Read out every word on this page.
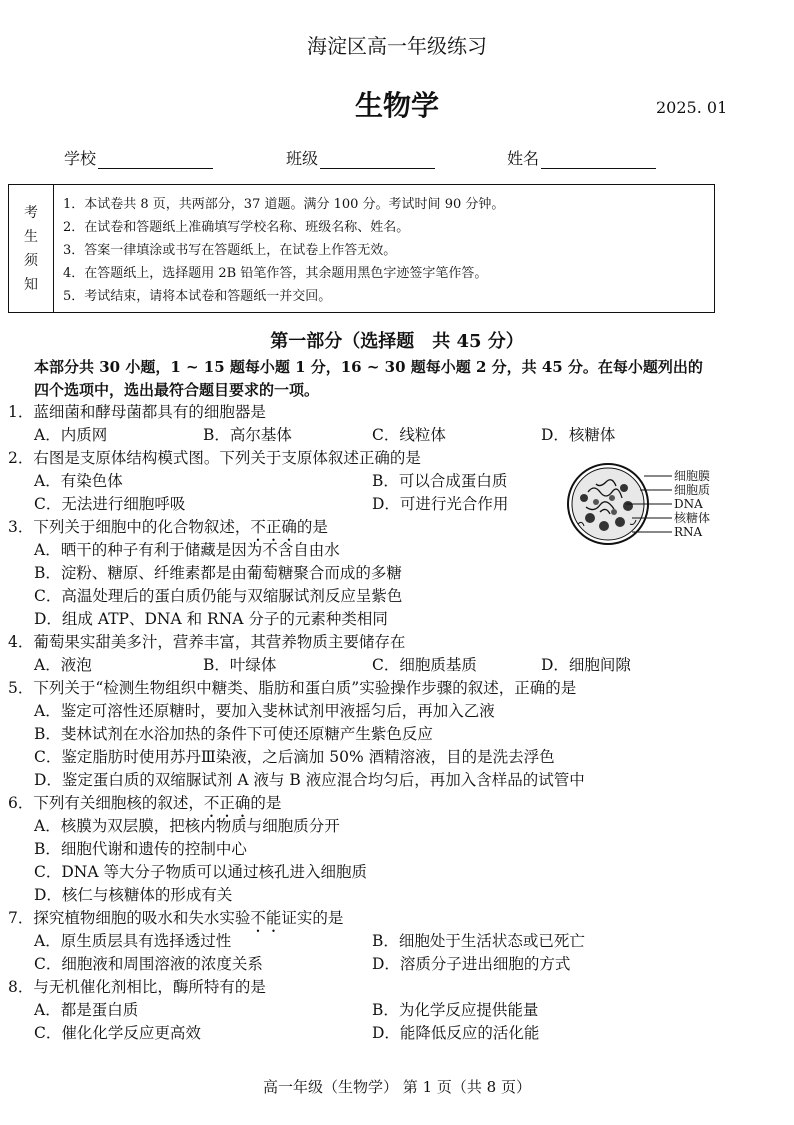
海淀区高一年级练习
生物学	2025. 01
学校	班级	姓名
考
生
须
知
1．本试卷共 8 页，共两部分，37 道题。满分 100 分。考试时间 90 分钟。
2．在试卷和答题纸上准确填写学校名称、班级名称、姓名。
3．答案一律填涂或书写在答题纸上，在试卷上作答无效。
4．在答题纸上，选择题用 2B 铅笔作答，其余题用黑色字迹签字笔作答。
5．考试结束，请将本试卷和答题纸一并交回。
第一部分（选择题　共 45 分）
本部分共 30 小题，1 ~ 15 题每小题 1 分，16 ~ 30 题每小题 2 分，共 45 分。在每小题列出的
四个选项中，选出最符合题目要求的一项。
1．蓝细菌和酵母菌都具有的细胞器是
A．内质网	B．高尔基体	C．线粒体	D．核糖体
2．右图是支原体结构模式图。下列关于支原体叙述正确的是
A．有染色体	B．可以合成蛋白质
C．无法进行细胞呼吸	D．可进行光合作用
细胞膜
细胞质
DNA
核糖体
RNA
3．下列关于细胞中的化合物叙述，不正确的是
A．晒干的种子有利于储藏是因为不含自由水
B．淀粉、糖原、纤维素都是由葡萄糖聚合而成的多糖
C．高温处理后的蛋白质仍能与双缩脲试剂反应呈紫色
D．组成 ATP、DNA 和 RNA 分子的元素种类相同
4．葡萄果实甜美多汁，营养丰富，其营养物质主要储存在
A．液泡	B．叶绿体	C．细胞质基质	D．细胞间隙
5．下列关于“检测生物组织中糖类、脂肪和蛋白质”实验操作步骤的叙述，正确的是
A．鉴定可溶性还原糖时，要加入斐林试剂甲液摇匀后，再加入乙液
B．斐林试剂在水浴加热的条件下可使还原糖产生紫色反应
C．鉴定脂肪时使用苏丹Ⅲ染液，之后滴加 50% 酒精溶液，目的是洗去浮色
D．鉴定蛋白质的双缩脲试剂 A 液与 B 液应混合均匀后，再加入含样品的试管中
6．下列有关细胞核的叙述，不正确的是
A．核膜为双层膜，把核内物质与细胞质分开
B．细胞代谢和遗传的控制中心
C．DNA 等大分子物质可以通过核孔进入细胞质
D．核仁与核糖体的形成有关
7．探究植物细胞的吸水和失水实验不能证实的是
A．原生质层具有选择透过性	B．细胞处于生活状态或已死亡
C．细胞液和周围溶液的浓度关系	D．溶质分子进出细胞的方式
8．与无机催化剂相比，酶所特有的是
A．都是蛋白质	B．为化学反应提供能量
C．催化化学反应更高效	D．能降低反应的活化能
高一年级（生物学） 第 1 页（共 8 页）
